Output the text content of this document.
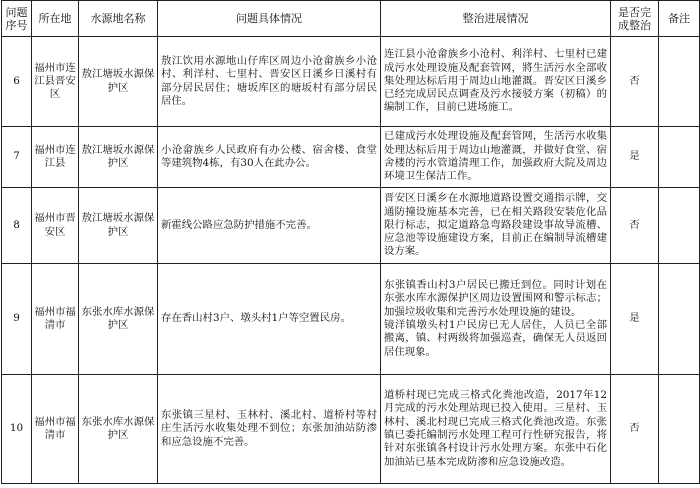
问题序号	所在地	水源地名称	问题具体情况	整治进展情况	是否完成整治	备注
6	福州市连江县晋安区	敖江塘坂水源保护区	敖江饮用水源地山仔库区周边小沧畲族乡小沧村、利洋村、七里村、晋安区日溪乡日溪村有部分居民居住；塘坂库区的塘坂村有部分居民居住。	连江县小沧畲族乡小沧村、利洋村、七里村已建成污水处理设施及配套管网，將生活污水全部收集处理达标后用于周边山地灌溉。晋安区日溪乡已经完成居民点调查及污水接驳方案（初稿）的编制工作，目前已进场施工。	否	
7	福州市连江县	敖江塘坂水源保护区	小沧畲族乡人民政府有办公楼、宿舍楼、食堂等建筑物4栋，有30人在此办公。	已建成污水处理设施及配套管网，生活污水收集处理达标后用于周边山地灌溉，并做好食堂、宿舍楼的污水管道清理工作，加强政府大院及周边环境卫生保洁工作。	是	
8	福州市晋安区	敖江塘坂水源保护区	新霍线公路应急防护措施不完善。	晋安区日溪乡在水源地道路设置交通指示牌，交通防撞设施基本完善，已在相关路段安装危化品限行标志，拟定道路急弯路段建设事故导流槽、应急池等设施建设方案，目前正在编制导流槽建设方案。	否	
9	福州市福清市	东张水库水源保护区	存在香山村3户、墩头村1户等空置民房。	东张镇香山村3户居民已搬迁到位。同时计划在东张水库水源保护区周边设置围网和警示标志；加强垃圾收集和完善污水处理设施的建设。
镜洋镇墩头村1户民房已无人居住，人员已全部搬离，镇、村两级将加强巡查，确保无人员返回居住现象。	是	
10	福州市福清市	东张水库水源保护区	东张镇三星村、玉林村、溪北村、道桥村等村庄生活污水收集处理不到位；东张加油站防渗和应急设施不完善。	道桥村现已完成三格式化粪池改造，2017年12月完成的污水处理站现已投入使用。三星村、玉林村、溪北村现已完成三格式化粪池改造。东张镇已委托编制污水处理工程可行性研究报告，将针对东张镇各村设计污水处理方案。东张中石化加油站已基本完成防渗和应急设施改造。	否	
